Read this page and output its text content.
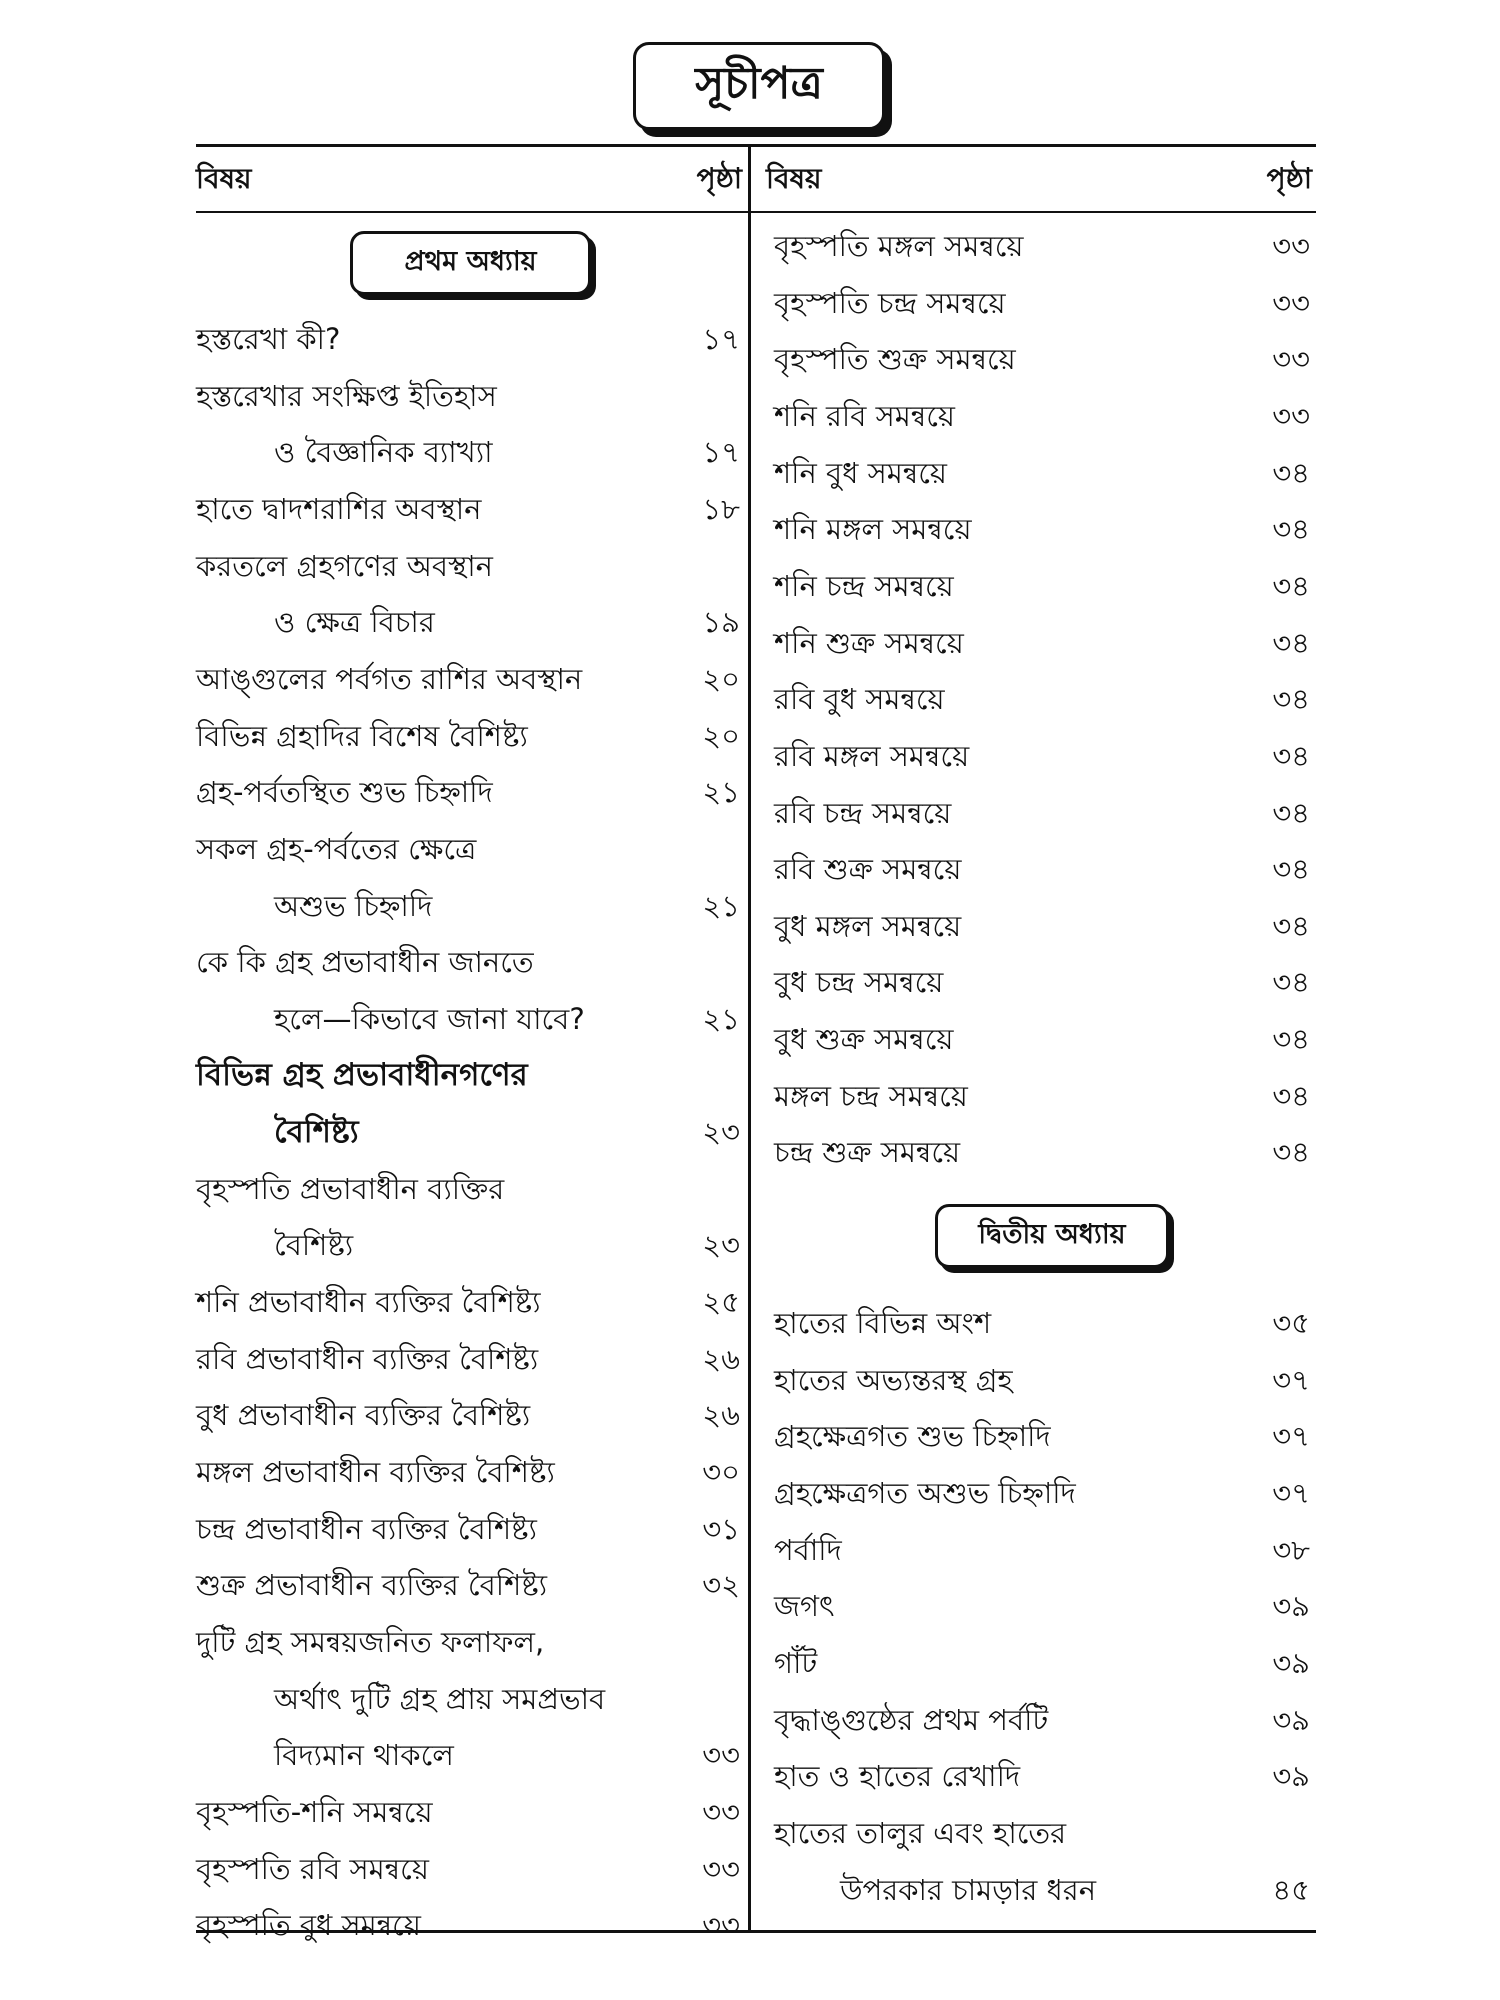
সূচীপত্র
বিষয়	পৃষ্ঠা বিষয়	পৃষ্ঠা
প্রথম অধ্যায়
দ্বিতীয় অধ্যায়
হস্তরেখা কী?	১৭
হস্তরেখার সংক্ষিপ্ত ইতিহাস
ও বৈজ্ঞানিক ব্যাখ্যা	১৭
হাতে দ্বাদশরাশির অবস্থান	১৮
করতলে গ্রহগণের অবস্থান
ও ক্ষেত্র বিচার	১৯
আঙ্গুলের পর্বগত রাশির অবস্থান	২০
বিভিন্ন গ্রহাদির বিশেষ বৈশিষ্ট্য	২০
গ্রহ-পর্বতস্থিত শুভ চিহ্নাদি	২১
সকল গ্রহ-পর্বতের ক্ষেত্রে
অশুভ চিহ্নাদি	২১
কে কি গ্রহ প্রভাবাধীন জানতে
হলে—কিভাবে জানা যাবে?	২১
বিভিন্ন গ্রহ প্রভাবাধীনগণের
বৈশিষ্ট্য	২৩
বৃহস্পতি প্রভাবাধীন ব্যক্তির
বৈশিষ্ট্য	২৩
শনি প্রভাবাধীন ব্যক্তির বৈশিষ্ট্য	২৫
রবি প্রভাবাধীন ব্যক্তির বৈশিষ্ট্য	২৬
বুধ প্রভাবাধীন ব্যক্তির বৈশিষ্ট্য	২৬
মঙ্গল প্রভাবাধীন ব্যক্তির বৈশিষ্ট্য	৩০
চন্দ্র প্রভাবাধীন ব্যক্তির বৈশিষ্ট্য	৩১
শুক্র প্রভাবাধীন ব্যক্তির বৈশিষ্ট্য	৩২
দুটি গ্রহ সমন্বয়জনিত ফলাফল,
অর্থাৎ দুটি গ্রহ প্রায় সমপ্রভাব
বিদ্যমান থাকলে	৩৩
বৃহস্পতি-শনি সমন্বয়ে	৩৩
বৃহস্পতি রবি সমন্বয়ে	৩৩
বৃহস্পতি বুধ সমন্বয়ে	৩৩
বৃহস্পতি মঙ্গল সমন্বয়ে	৩৩
বৃহস্পতি চন্দ্র সমন্বয়ে	৩৩
বৃহস্পতি শুক্র সমন্বয়ে	৩৩
শনি রবি সমন্বয়ে	৩৩
শনি বুধ সমন্বয়ে	৩৪
শনি মঙ্গল সমন্বয়ে	৩৪
শনি চন্দ্র সমন্বয়ে	৩৪
শনি শুক্র সমন্বয়ে	৩৪
রবি বুধ সমন্বয়ে	৩৪
রবি মঙ্গল সমন্বয়ে	৩৪
রবি চন্দ্র সমন্বয়ে	৩৪
রবি শুক্র সমন্বয়ে	৩৪
বুধ মঙ্গল সমন্বয়ে	৩৪
বুধ চন্দ্র সমন্বয়ে	৩৪
বুধ শুক্র সমন্বয়ে	৩৪
মঙ্গল চন্দ্র সমন্বয়ে	৩৪
চন্দ্র শুক্র সমন্বয়ে	৩৪
হাতের বিভিন্ন অংশ	৩৫
হাতের অভ্যন্তরস্থ গ্রহ	৩৭
গ্রহক্ষেত্রগত শুভ চিহ্নাদি	৩৭
গ্রহক্ষেত্রগত অশুভ চিহ্নাদি	৩৭
পর্বাদি	৩৮
জগৎ	৩৯
গাঁট	৩৯
বৃদ্ধাঙ্গুষ্ঠের প্রথম পর্বটি	৩৯
হাত ও হাতের রেখাদি	৩৯
হাতের তালুর এবং হাতের
উপরকার চামড়ার ধরন	৪৫
